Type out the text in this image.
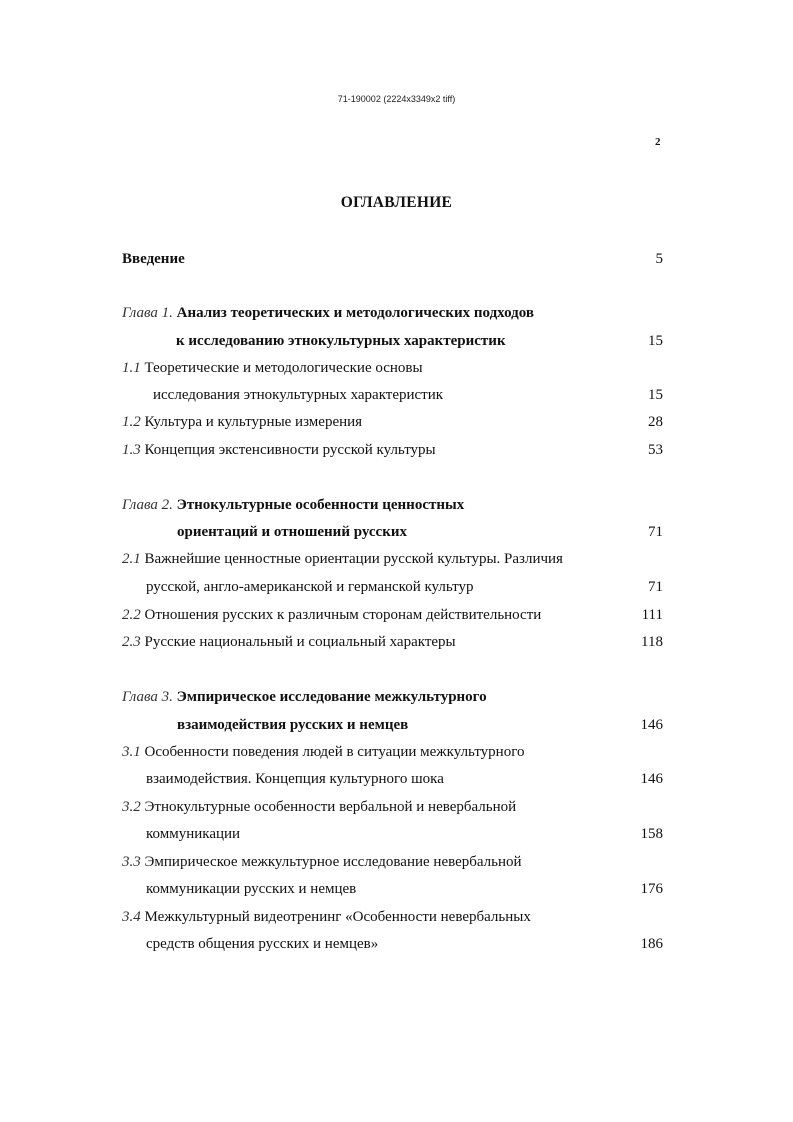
71-190002 (2224x3349x2 tiff)
2
ОГЛАВЛЕНИЕ
Введение	5
Глава 1. Анализ теоретических и методологических подходов
к исследованию этнокультурных характеристик	15
1.1 Теоретические и методологические основы
исследования этнокультурных характеристик	15
1.2 Культура и культурные измерения	28
1.3 Концепция экстенсивности русской культуры	53
Глава 2. Этнокультурные особенности ценностных
ориентаций и отношений русских	71
2.1 Важнейшие ценностные ориентации русской культуры. Различия
русской, англо-американской и германской культур	71
2.2 Отношения русских к различным сторонам действительности	111
2.3 Русские национальный и социальный характеры	118
Глава 3. Эмпирическое исследование межкультурного
взаимодействия русских и немцев	146
3.1 Особенности поведения людей в ситуации межкультурного
взаимодействия. Концепция культурного шока	146
3.2 Этнокультурные особенности вербальной и невербальной
коммуникации	158
3.3 Эмпирическое межкультурное исследование невербальной
коммуникации русских и немцев	176
3.4 Межкультурный видеотренинг «Особенности невербальных
средств общения русских и немцев»	186
